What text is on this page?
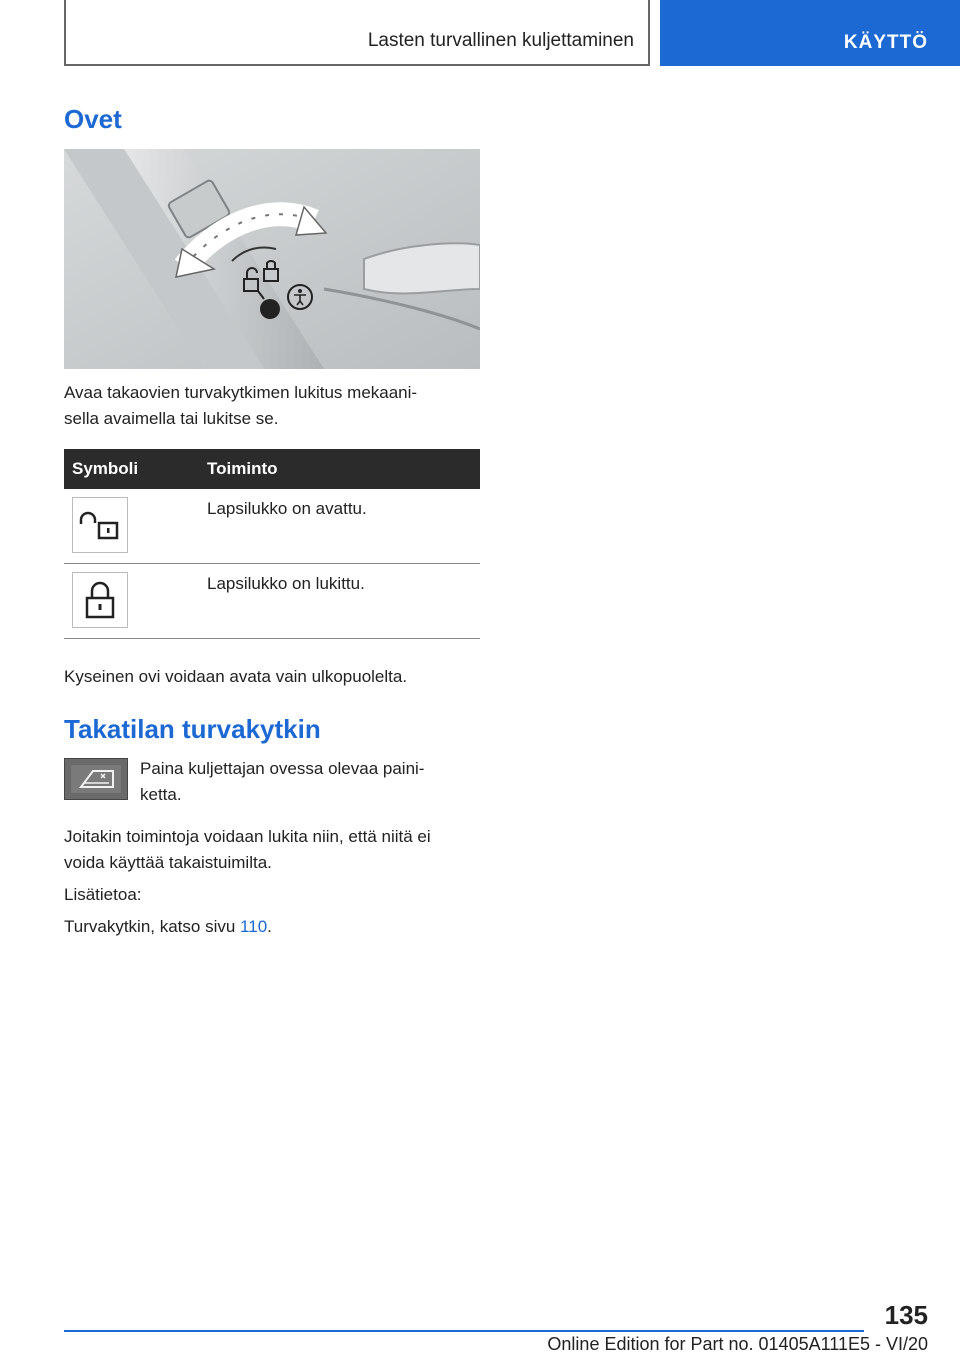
Lasten turvallinen kuljettaminen	KÄYTTÖ
Ovet
Avaa takaovien turvakytkimen lukitus mekaani-
sella avaimella tai lukitse se.
Symboli	Toiminto
Lapsilukko on avattu.
Lapsilukko on lukittu.
Kyseinen ovi voidaan avata vain ulkopuolelta.
Takatilan turvakytkin
Paina kuljettajan ovessa olevaa paini-
ketta.
Joitakin toimintoja voidaan lukita niin, että niitä ei
voida käyttää takaistuimilta.
Lisätietoa:
Turvakytkin, katso sivu 110.
135
Online Edition for Part no. 01405A111E5 - VI/20
